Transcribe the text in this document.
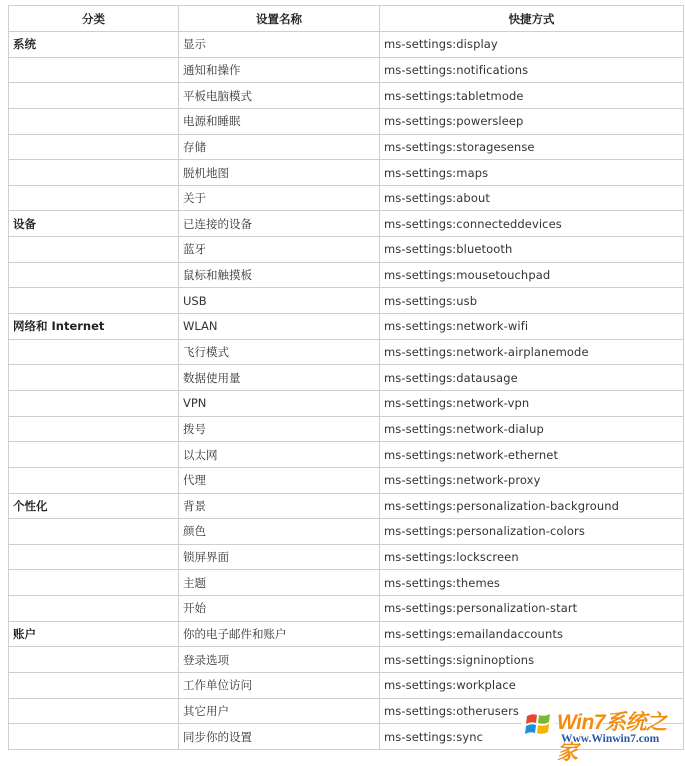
分类	设置名称	快捷方式
系统	显示	ms-settings:display
	通知和操作	ms-settings:notifications
	平板电脑模式	ms-settings:tabletmode
	电源和睡眠	ms-settings:powersleep
	存储	ms-settings:storagesense
	脱机地图	ms-settings:maps
	关于	ms-settings:about
设备	已连接的设备	ms-settings:connecteddevices
	蓝牙	ms-settings:bluetooth
	鼠标和触摸板	ms-settings:mousetouchpad
	USB	ms-settings:usb
网络和 Internet	WLAN	ms-settings:network-wifi
	飞行模式	ms-settings:network-airplanemode
	数据使用量	ms-settings:datausage
	VPN	ms-settings:network-vpn
	拨号	ms-settings:network-dialup
	以太网	ms-settings:network-ethernet
	代理	ms-settings:network-proxy
个性化	背景	ms-settings:personalization-background
	颜色	ms-settings:personalization-colors
	锁屏界面	ms-settings:lockscreen
	主题	ms-settings:themes
	开始	ms-settings:personalization-start
账户	你的电子邮件和账户	ms-settings:emailandaccounts
	登录选项	ms-settings:signinoptions
	工作单位访问	ms-settings:workplace
	其它用户	ms-settings:otherusers
	同步你的设置	ms-settings:sync
Win7系统之家
Www.Winwin7.com
